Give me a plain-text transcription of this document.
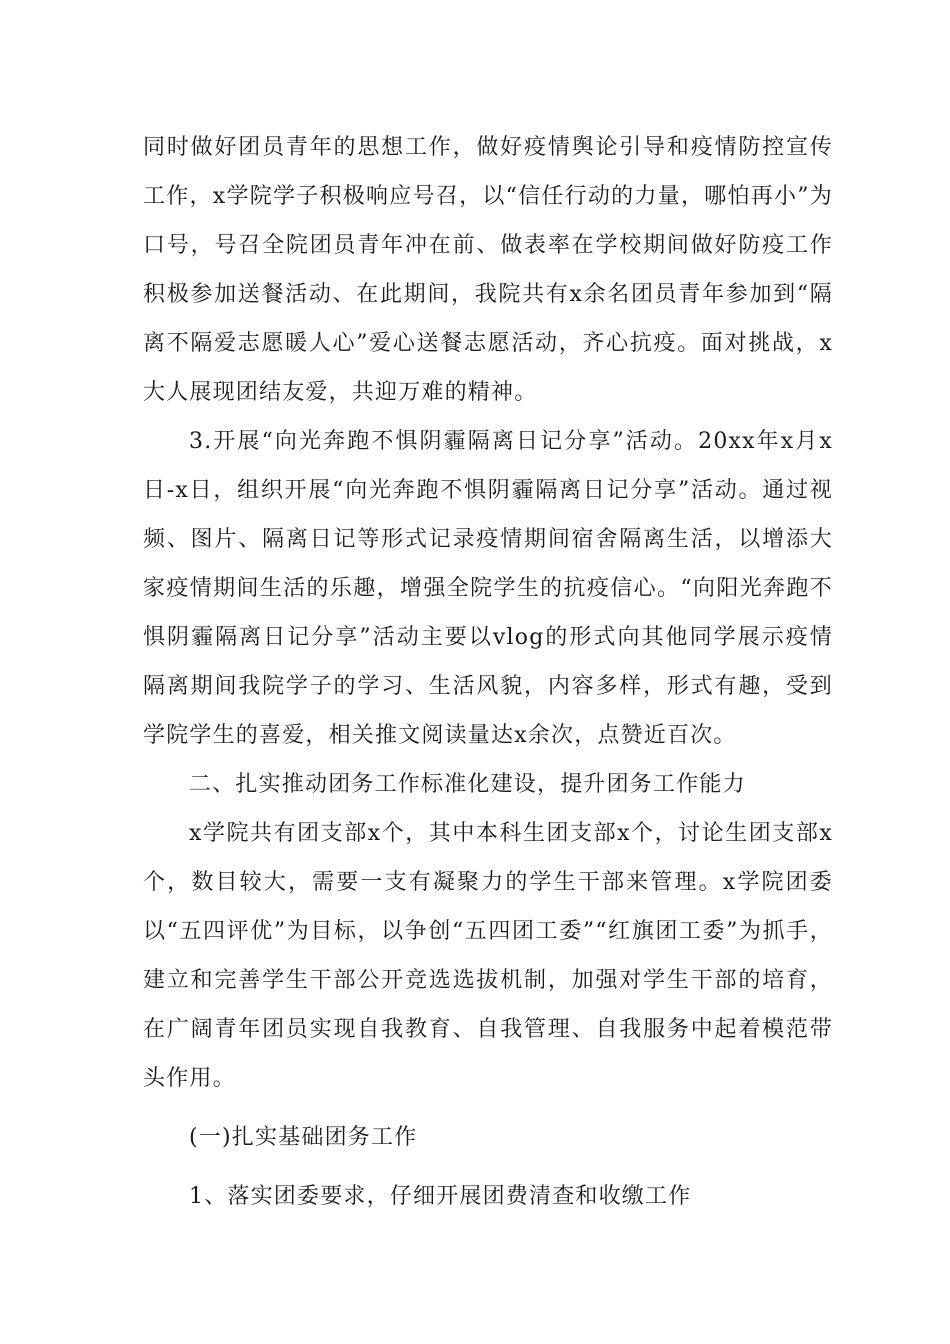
同时做好团员青年的思想工作，做好疫情舆论引导和疫情防控宣传工作，x学院学子积极响应号召，以“信任行动的力量，哪怕再小”为口号，号召全院团员青年冲在前、做表率在学校期间做好防疫工作积极参加送餐活动、在此期间，我院共有x余名团员青年参加到“隔离不隔爱志愿暖人心”爱心送餐志愿活动，齐心抗疫。面对挑战，x大人展现团结友爱，共迎万难的精神。

3.开展“向光奔跑不惧阴霾隔离日记分享”活动。20xx年x月x日-x日，组织开展“向光奔跑不惧阴霾隔离日记分享”活动。通过视频、图片、隔离日记等形式记录疫情期间宿舍隔离生活，以增添大家疫情期间生活的乐趣，增强全院学生的抗疫信心。“向阳光奔跑不惧阴霾隔离日记分享”活动主要以vlog的形式向其他同学展示疫情隔离期间我院学子的学习、生活风貌，内容多样，形式有趣，受到学院学生的喜爱，相关推文阅读量达x余次，点赞近百次。

二、扎实推动团务工作标准化建设，提升团务工作能力

x学院共有团支部x个，其中本科生团支部x个，讨论生团支部x个，数目较大，需要一支有凝聚力的学生干部来管理。x学院团委以“五四评优”为目标，以争创“五四团工委”“红旗团工委”为抓手，建立和完善学生干部公开竞选选拔机制，加强对学生干部的培育，在广阔青年团员实现自我教育、自我管理、自我服务中起着模范带头作用。

(一)扎实基础团务工作

1、落实团委要求，仔细开展团费清查和收缴工作
